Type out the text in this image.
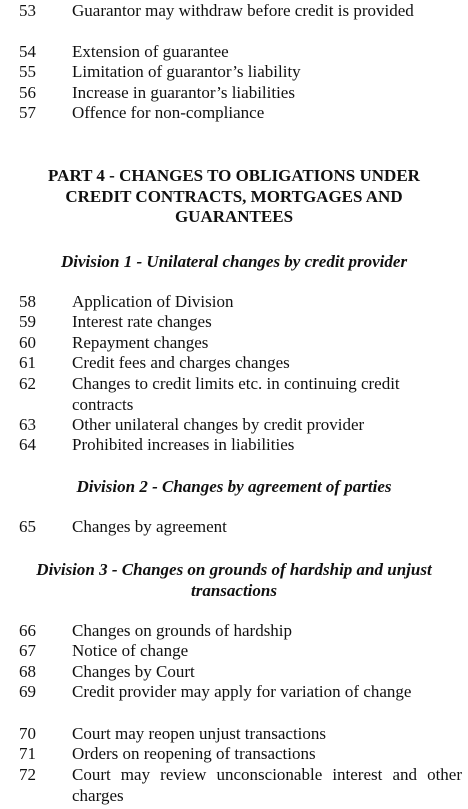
53 Guarantor may withdraw before credit is provided
54 Extension of guarantee
55 Limitation of guarantor’s liability
56 Increase in guarantor’s liabilities
57 Offence for non-compliance
PART 4 - CHANGES TO OBLIGATIONS UNDER CREDIT CONTRACTS, MORTGAGES AND GUARANTEES
Division 1 - Unilateral changes by credit provider
58 Application of Division
59 Interest rate changes
60 Repayment changes
61 Credit fees and charges changes
62 Changes to credit limits etc. in continuing credit contracts
63 Other unilateral changes by credit provider
64 Prohibited increases in liabilities
Division 2 - Changes by agreement of parties
65 Changes by agreement
Division 3 - Changes on grounds of hardship and unjust transactions
66 Changes on grounds of hardship
67 Notice of change
68 Changes by Court
69 Credit provider may apply for variation of change
70 Court may reopen unjust transactions
71 Orders on reopening of transactions
72 Court may review unconscionable interest and other charges
